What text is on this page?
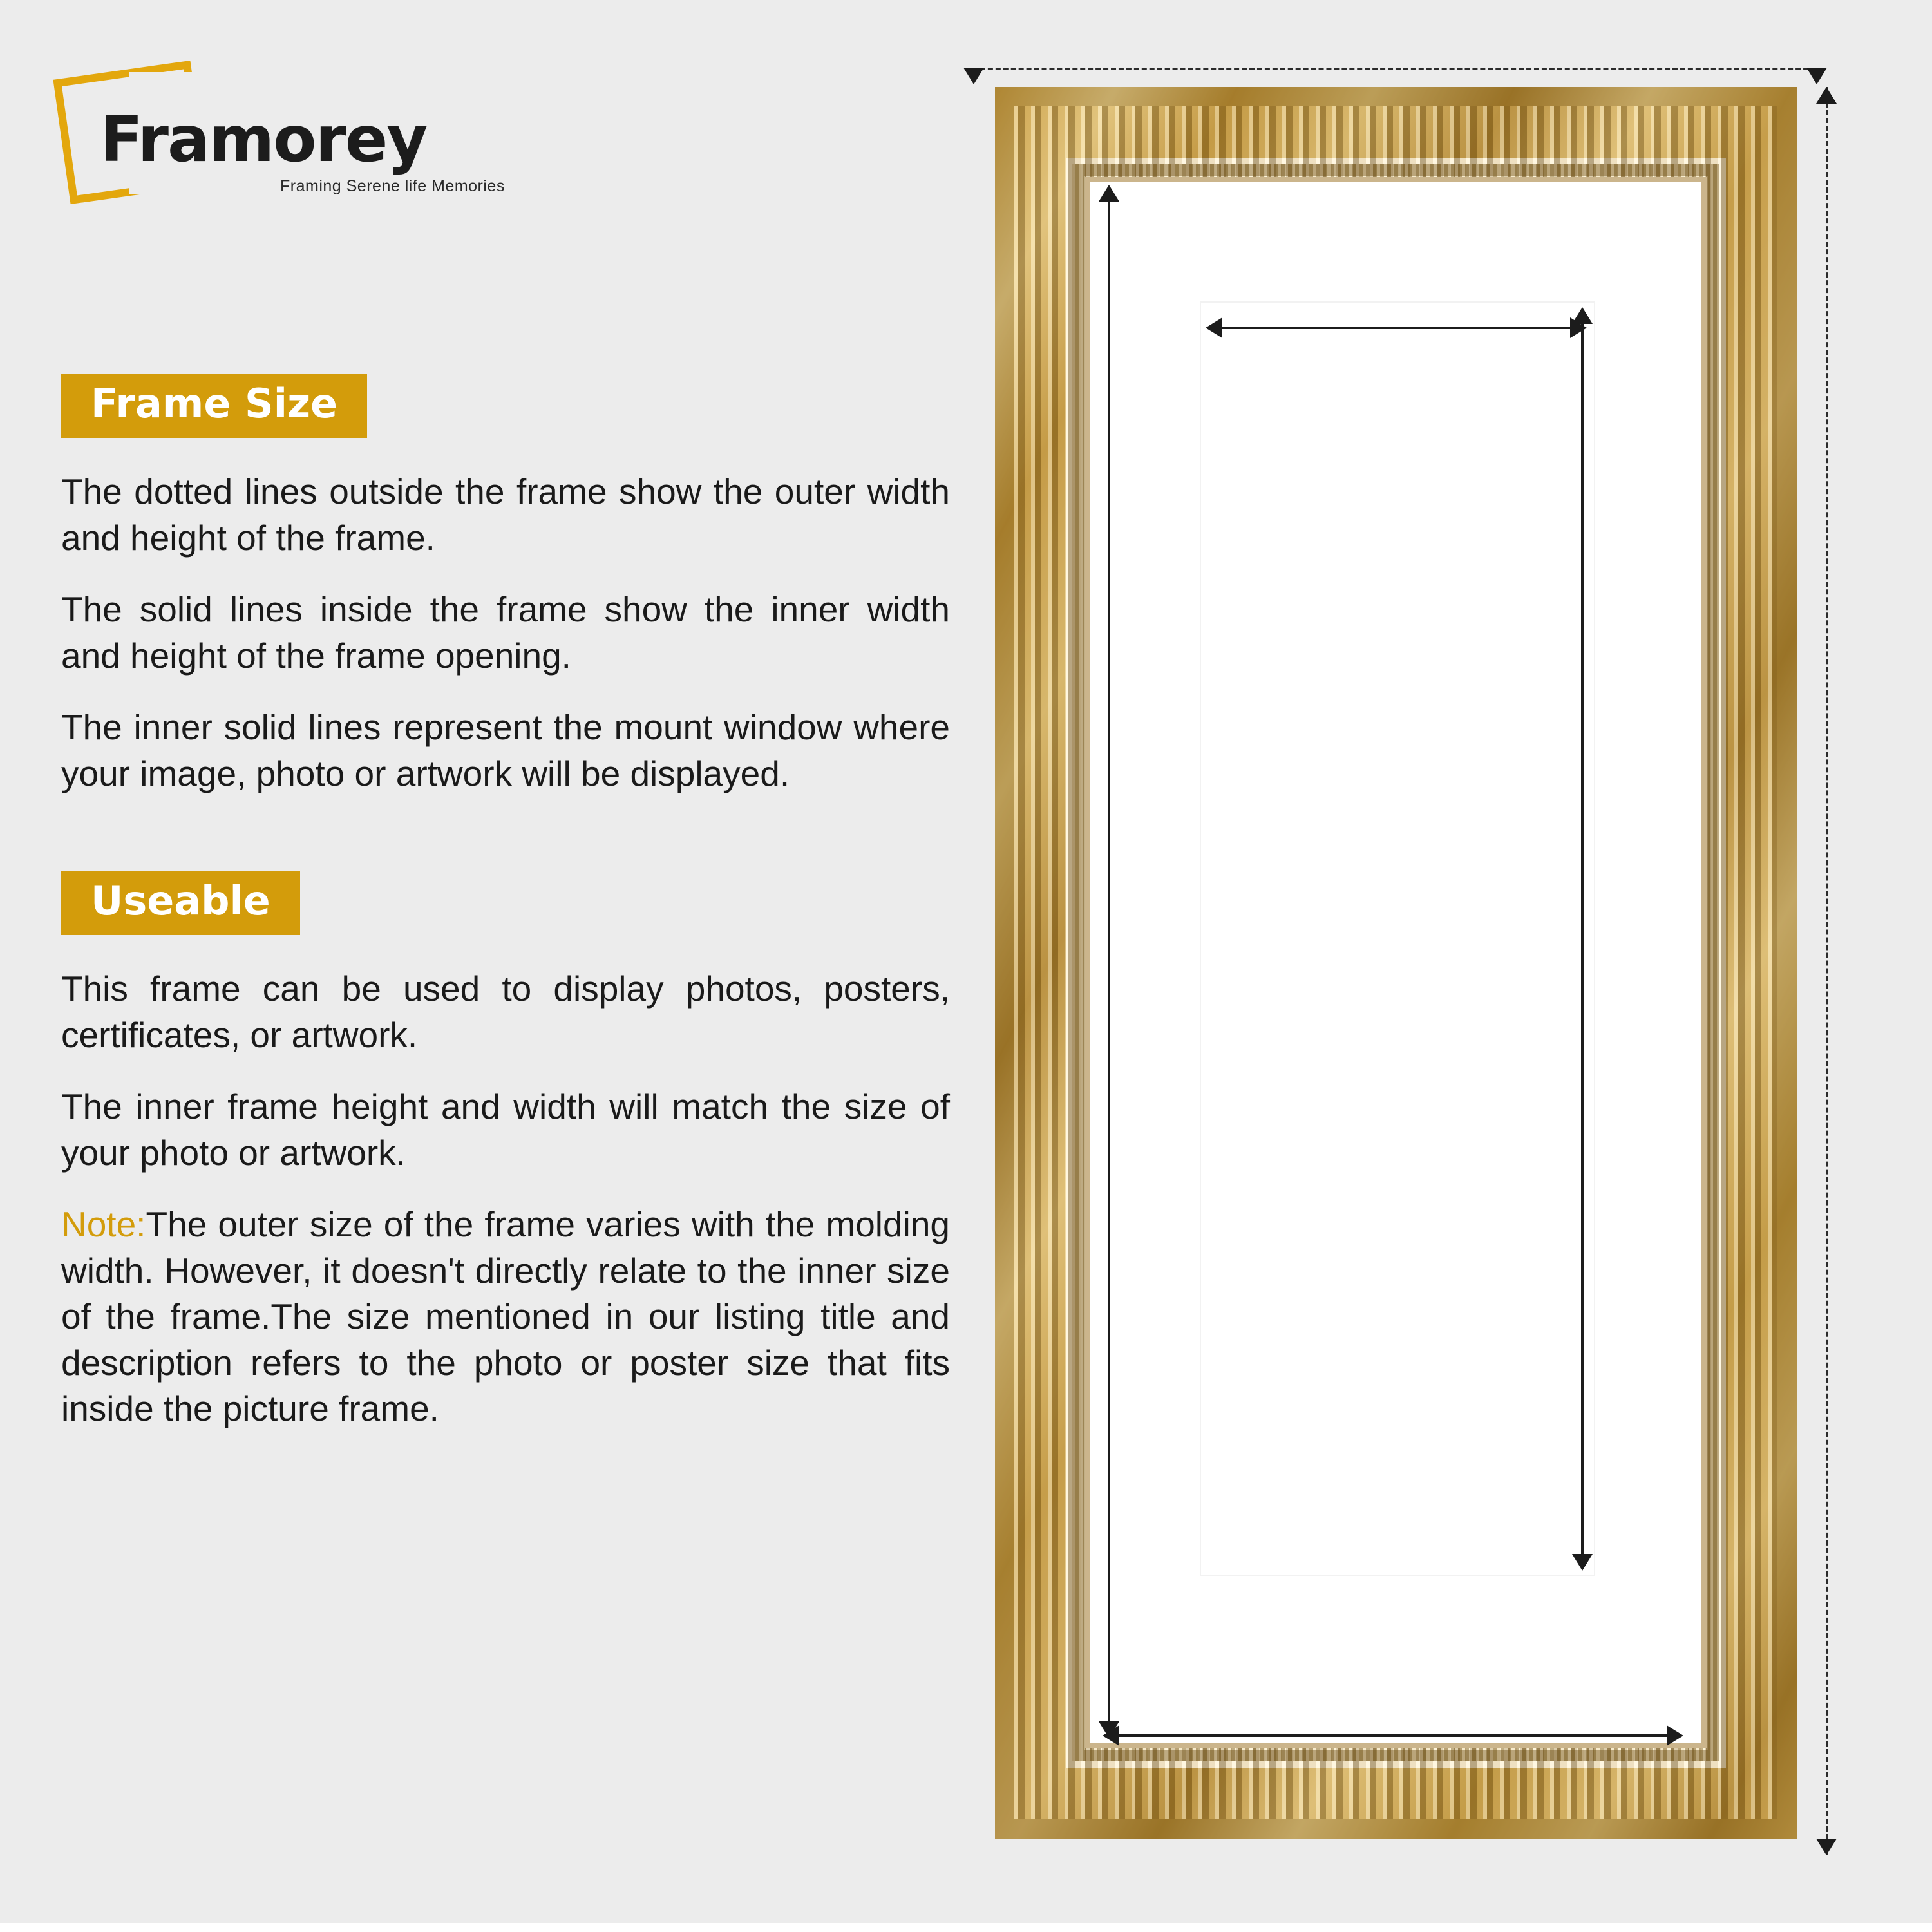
Framorey
Framing Serene life Memories
Frame Size

The dotted lines outside the frame show the outer width and height of the frame.

The solid lines inside the frame show the inner width and height of the frame opening.

The inner solid lines represent the mount window where your image, photo or artwork will be displayed.

Useable

This frame can be used to display photos, posters, certificates, or artwork.

The inner frame height and width will match the size of your photo or artwork.

Note:The outer size of the frame varies with the molding width. However, it doesn't directly relate to the inner size of the frame.The size mentioned in our listing title and description refers to the photo or poster size that fits inside the picture frame.
